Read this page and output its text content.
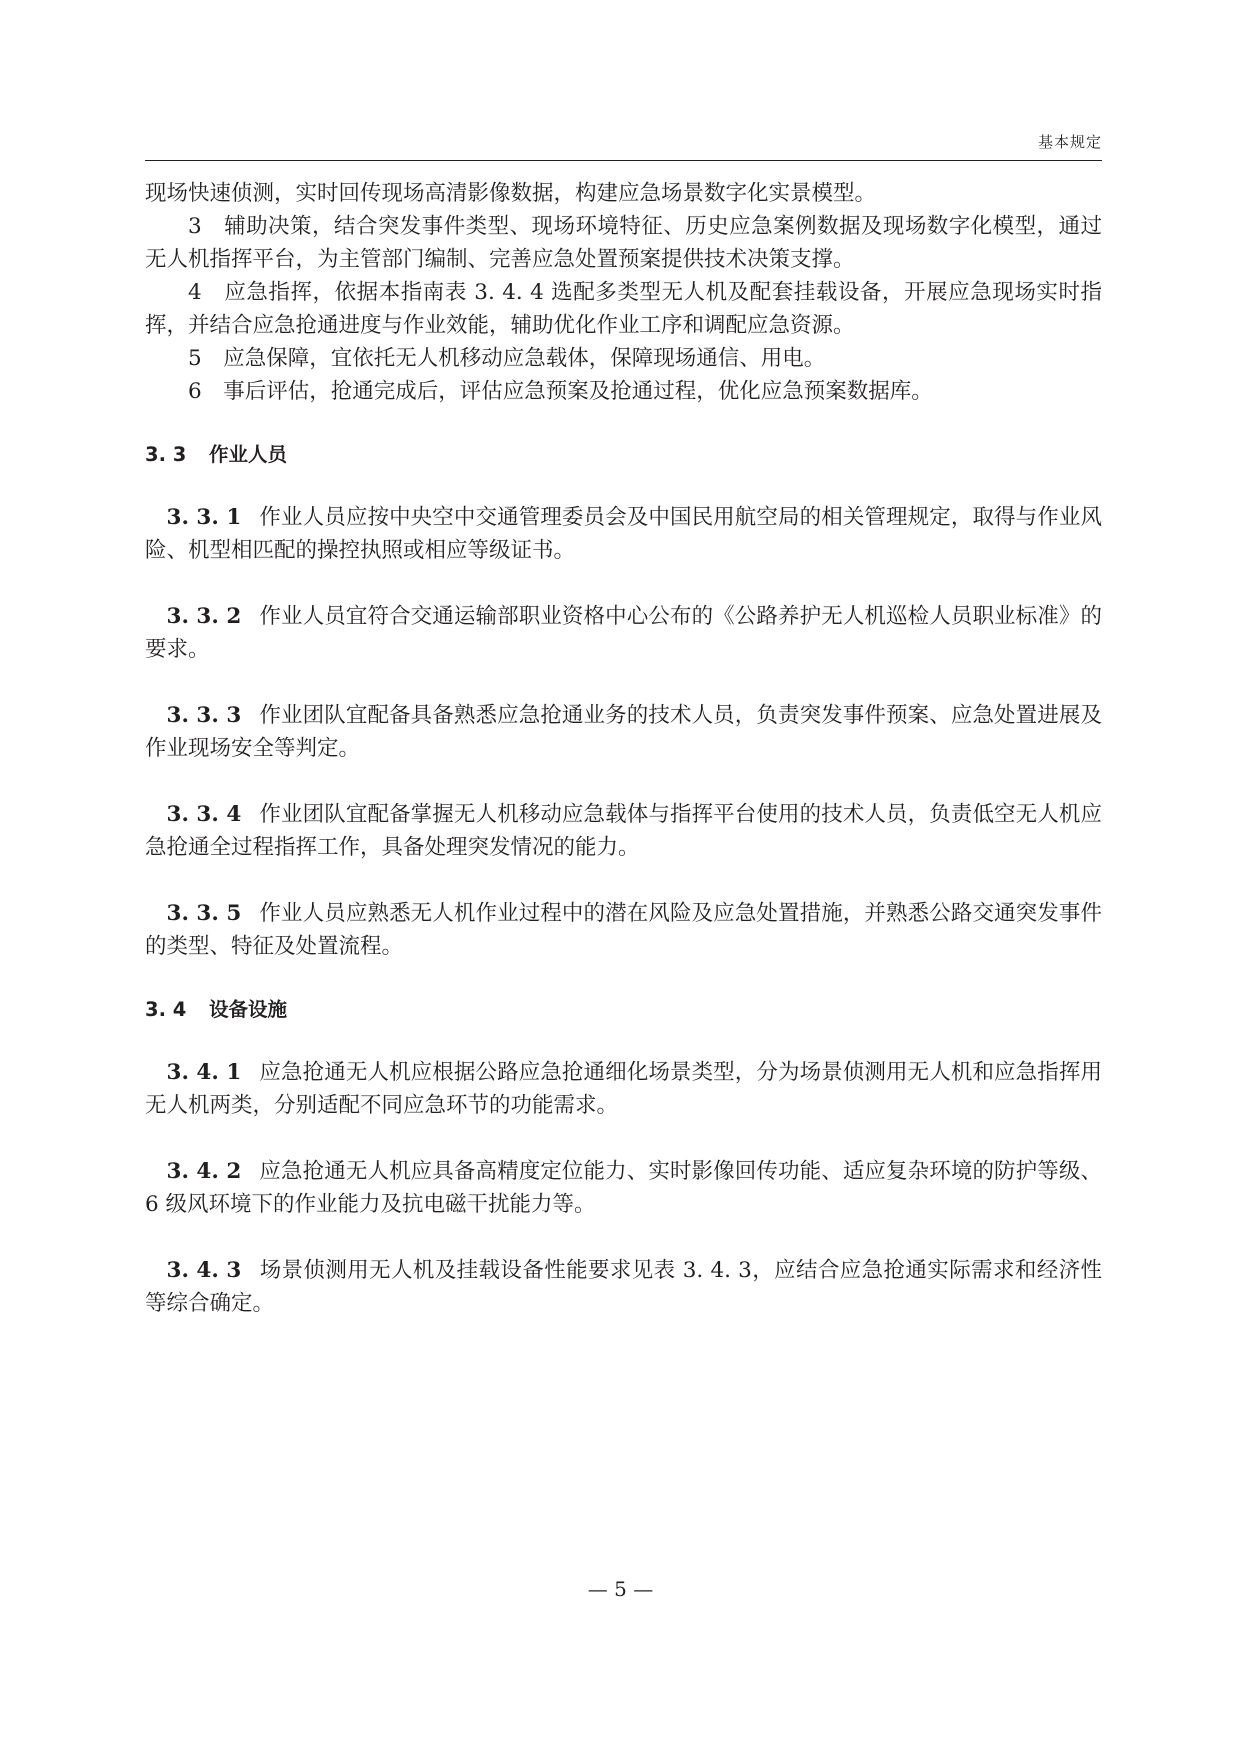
基本规定

现场快速侦测，实时回传现场高清影像数据，构建应急场景数字化实景模型。

3　 辅助决策，结合突发事件类型、现场环境特征、历史应急案例数据及现场数字化模型，通过无人机指挥平台，为主管部门编制、完善应急处置预案提供技术决策支撑。

4　 应急指挥，依据本指南表 3. 4. 4 选配多类型无人机及配套挂载设备，开展应急现场实时指挥，并结合应急抢通进度与作业效能，辅助优化作业工序和调配应急资源。

5　 应急保障，宜依托无人机移动应急载体，保障现场通信、用电。

6　 事后评估，抢通完成后，评估应急预案及抢通过程，优化应急预案数据库。

3. 3 作业人员

3. 3. 1 作业人员应按中央空中交通管理委员会及中国民用航空局的相关管理规定，取得与作业风险、机型相匹配的操控执照或相应等级证书。

3. 3. 2 作业人员宜符合交通运输部职业资格中心公布的《公路养护无人机巡检人员职业标准》的要求。

3. 3. 3 作业团队宜配备具备熟悉应急抢通业务的技术人员，负责突发事件预案、应急处置进展及作业现场安全等判定。

3. 3. 4 作业团队宜配备掌握无人机移动应急载体与指挥平台使用的技术人员，负责低空无人机应急抢通全过程指挥工作，具备处理突发情况的能力。

3. 3. 5 作业人员应熟悉无人机作业过程中的潜在风险及应急处置措施，并熟悉公路交通突发事件的类型、特征及处置流程。

3. 4 设备设施

3. 4. 1 应急抢通无人机应根据公路应急抢通细化场景类型，分为场景侦测用无人机和应急指挥用无人机两类，分别适配不同应急环节的功能需求。

3. 4. 2 应急抢通无人机应具备高精度定位能力、实时影像回传功能、适应复杂环境的防护等级、6 级风环境下的作业能力及抗电磁干扰能力等。

3. 4. 3 场景侦测用无人机及挂载设备性能要求见表 3. 4. 3，应结合应急抢通实际需求和经济性等综合确定。

— 5 —
